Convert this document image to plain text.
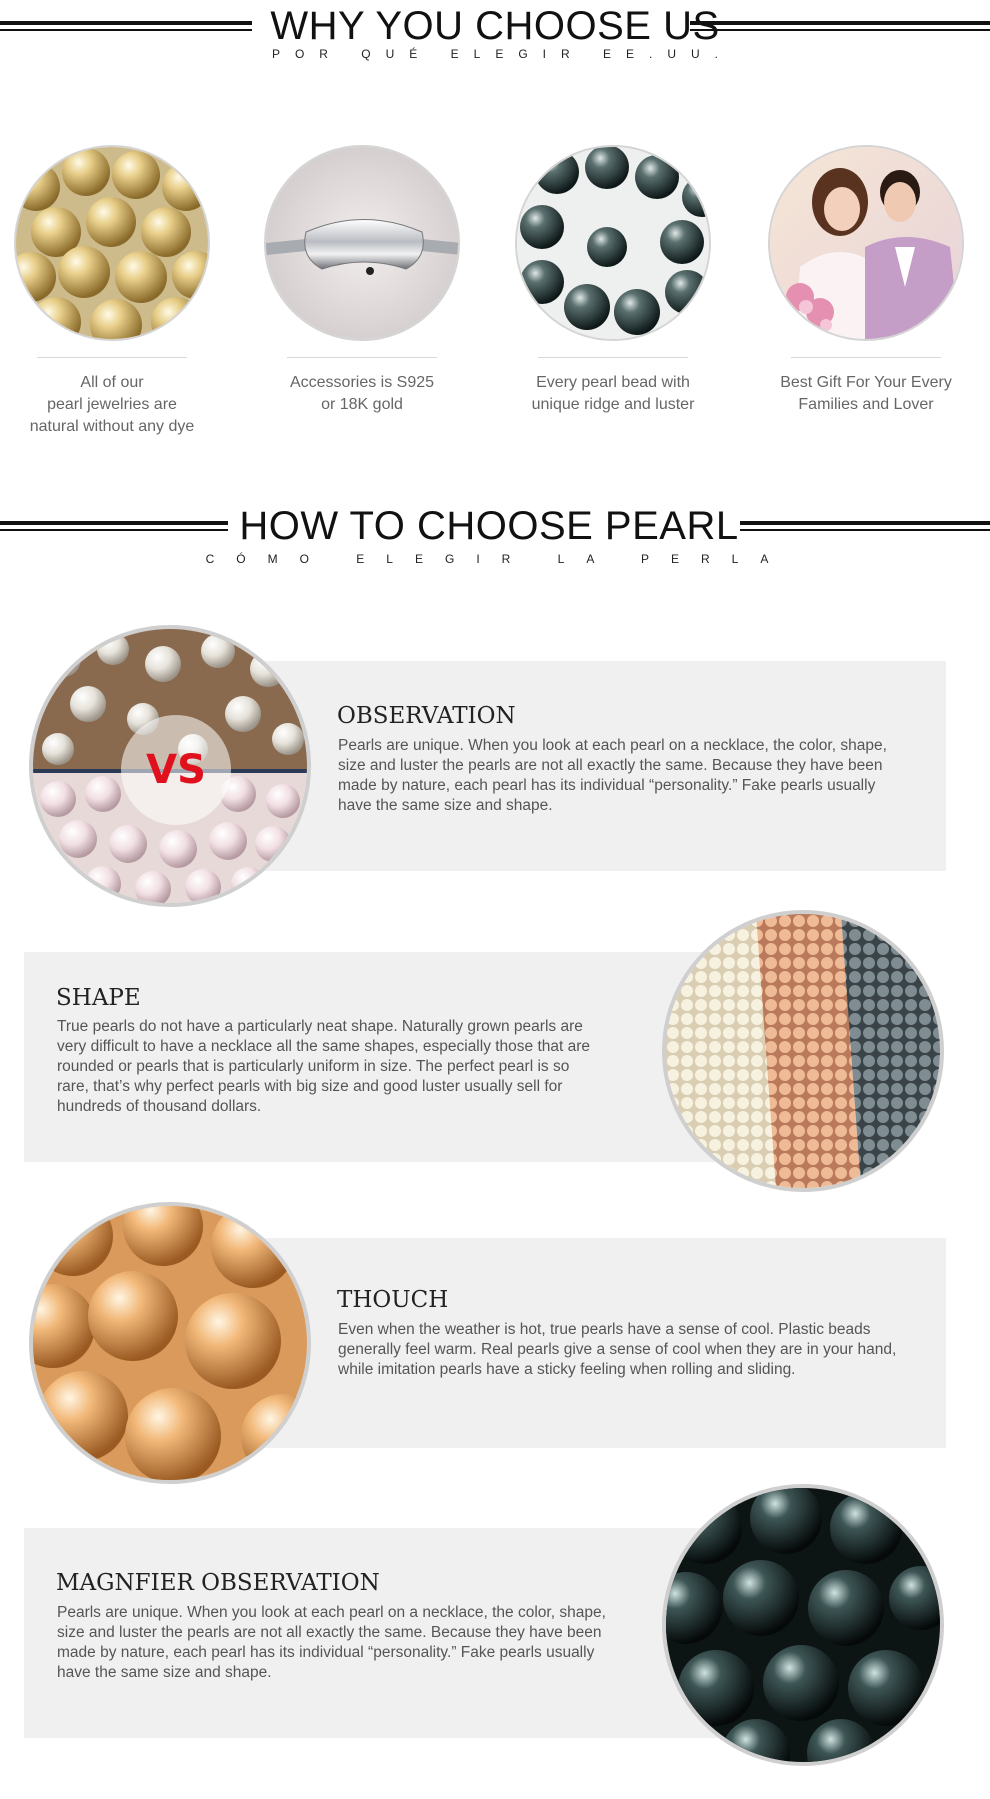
WHY YOU CHOOSE US

POR QUÉ ELEGIR EE.UU.

All of our
pearl jewelries are
natural without any dye
Accessories is S925
or 18K gold
Every pearl bead with
unique ridge and luster
Best Gift For Your Every
Families and Lover
HOW TO CHOOSE PEARL

CÓMO ELEGIR LA PERLA

VS
OBSERVATION
Pearls are unique. When you look at each pearl on a necklace, the color, shape,
size and luster the pearls are not all exactly the same. Because they have been
made by nature, each pearl has its individual “personality.” Fake pearls usually
have the same size and shape.
SHAPE
True pearls do not have a particularly neat shape. Naturally grown pearls are
very difficult to have a necklace all the same shapes, especially those that are
rounded or pearls that is particularly uniform in size. The perfect pearl is so
rare, that’s why perfect pearls with big size and good luster usually sell for
hundreds of thousand dollars.
THOUCH
Even when the weather is hot, true pearls have a sense of cool. Plastic beads
generally feel warm. Real pearls give a sense of cool when they are in your hand,
while imitation pearls have a sticky feeling when rolling and sliding.
MAGNFIER OBSERVATION
Pearls are unique. When you look at each pearl on a necklace, the color, shape,
size and luster the pearls are not all exactly the same. Because they have been
made by nature, each pearl has its individual “personality.” Fake pearls usually
have the same size and shape.
